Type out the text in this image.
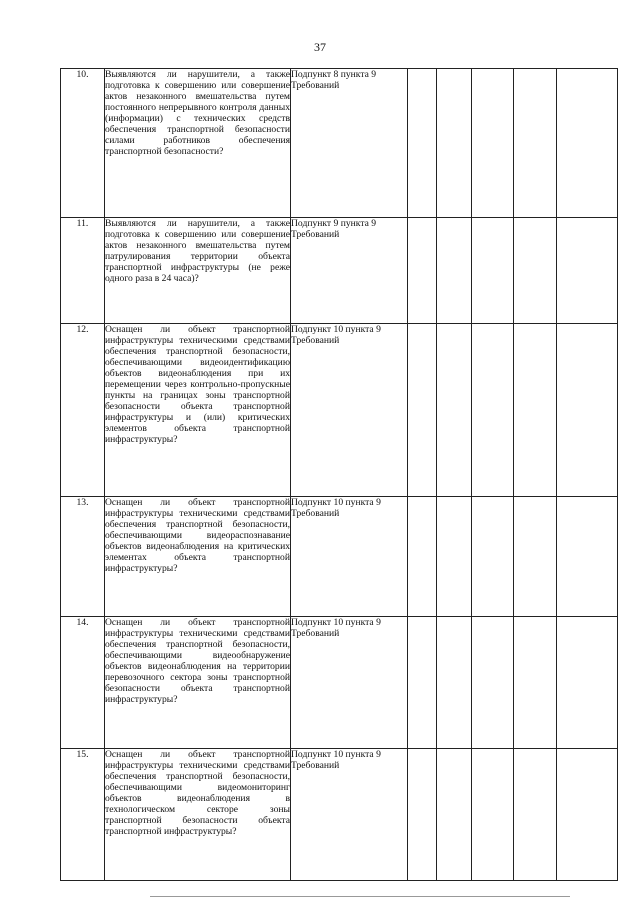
37
10.	Выявляются ли нарушители, а также подготовка к совершению или совершение актов незаконного вмешательства путем постоянного непрерывного контроля данных (информации) с технических средств обеспечения транспортной безопасности силами работников обеспечения транспортной безопасности?	Подпункт 8 пункта 9 Требований					
11.	Выявляются ли нарушители, а также подготовка к совершению или совершение актов незаконного вмешательства путем патрулирования территории объекта транспортной инфраструктуры (не реже одного раза в 24 часа)?	Подпункт 9 пункта 9 Требований					
12.	Оснащен ли объект транспортной инфраструктуры техническими средствами обеспечения транспортной безопасности, обеспечивающими видеоидентификацию объектов видеонаблюдения при их перемещении через контрольно-пропускные пункты на границах зоны транспортной безопасности объекта транспортной инфраструктуры и (или) критических элементов объекта транспортной инфраструктуры?	Подпункт 10 пункта 9 Требований					
13.	Оснащен ли объект транспортной инфраструктуры техническими средствами обеспечения транспортной безопасности, обеспечивающими видеораспознавание объектов видеонаблюдения на критических элементах объекта транспортной инфраструктуры?	Подпункт 10 пункта 9 Требований					
14.	Оснащен ли объект транспортной инфраструктуры техническими средствами обеспечения транспортной безопасности, обеспечивающими видеообнаружение объектов видеонаблюдения на территории перевозочного сектора зоны транспортной безопасности объекта транспортной инфраструктуры?	Подпункт 10 пункта 9 Требований					
15.	Оснащен ли объект транспортной инфраструктуры техническими средствами обеспечения транспортной безопасности, обеспечивающими видеомониторинг объектов видеонаблюдения в технологическом секторе зоны транспортной безопасности объекта транспортной инфраструктуры?	Подпункт 10 пункта 9 Требований					
